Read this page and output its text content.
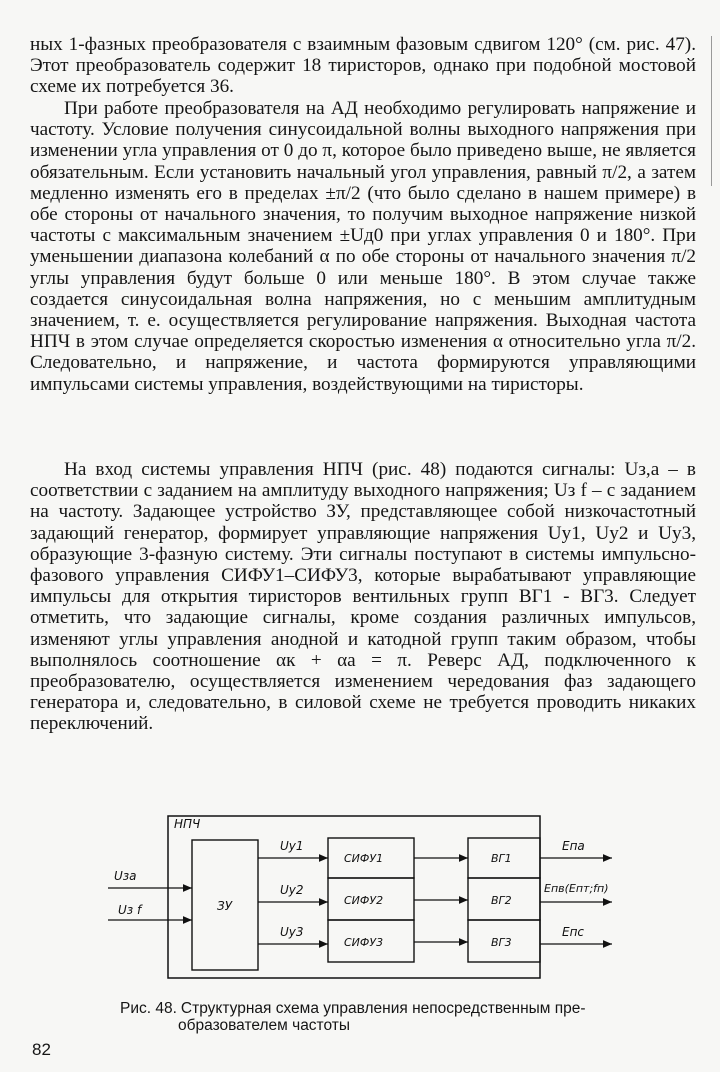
ных 1-фазных преобразователя с взаимным фазовым сдвигом 120° (см. рис. 47). Этот преобразователь содержит 18 тиристоров, однако при подобной мостовой схеме их потребуется 36.

При работе преобразователя на АД необходимо регулировать напряжение и частоту. Условие получения синусоидальной волны выходного напряжения при изменении угла управления от 0 до π, которое было приведено выше, не является обязательным. Если установить начальный угол управления, равный π/2, а затем медленно изменять его в пределах ±π/2 (что было сделано в нашем примере) в обе стороны от начального значения, то получим выходное напряжение низкой частоты с максимальным значением ±Uд0 при углах управления 0 и 180°. При уменьшении диапазона колебаний α по обе стороны от начального значения π/2 углы управления будут больше 0 или меньше 180°. В этом случае также создается синусоидальная волна напряжения, но с меньшим амплитудным значением, т. е. осуществляется регулирование напряжения. Выходная частота НПЧ в этом случае определяется скоростью изменения α относительно угла π/2. Следовательно, и напряжение, и частота формируются управляющими импульсами системы управления, воздействующими на тиристоры.

На вход системы управления НПЧ (рис. 48) подаются сигналы: Uз,а – в соответствии с заданием на амплитуду выходного напряжения; Uз f – с заданием на частоту. Задающее устройство ЗУ, представляющее собой низкочастотный задающий генератор, формирует управляющие напряжения Uу1, Uу2 и Uу3, образующие 3-фазную систему. Эти сигналы поступают в системы импульсно-фазового управления СИФУ1–СИФУ3, которые вырабатывают управляющие импульсы для открытия тиристоров вентильных групп ВГ1 - ВГ3. Следует отметить, что задающие сигналы, кроме создания различных импульсов, изменяют углы управления анодной и катодной групп таким образом, чтобы выполнялось соотношение αк + αа = π. Реверс АД, подключенного к преобразователю, осуществляется изменением чередования фаз задающего генератора и, следовательно, в силовой схеме не требуется проводить никаких переключений.

НПЧ
Uза
Uз f	ЗУ
Uу1
Uу2
Uу3
СИФУ1
СИФУ2
СИФУ3
ВГ1
ВГ2
ВГ3
Eпа
Eпв(Eпт;fп)
Eпс
Рис. 48. Структурная схема управления непосредственным пре-
образователем частоты
82
